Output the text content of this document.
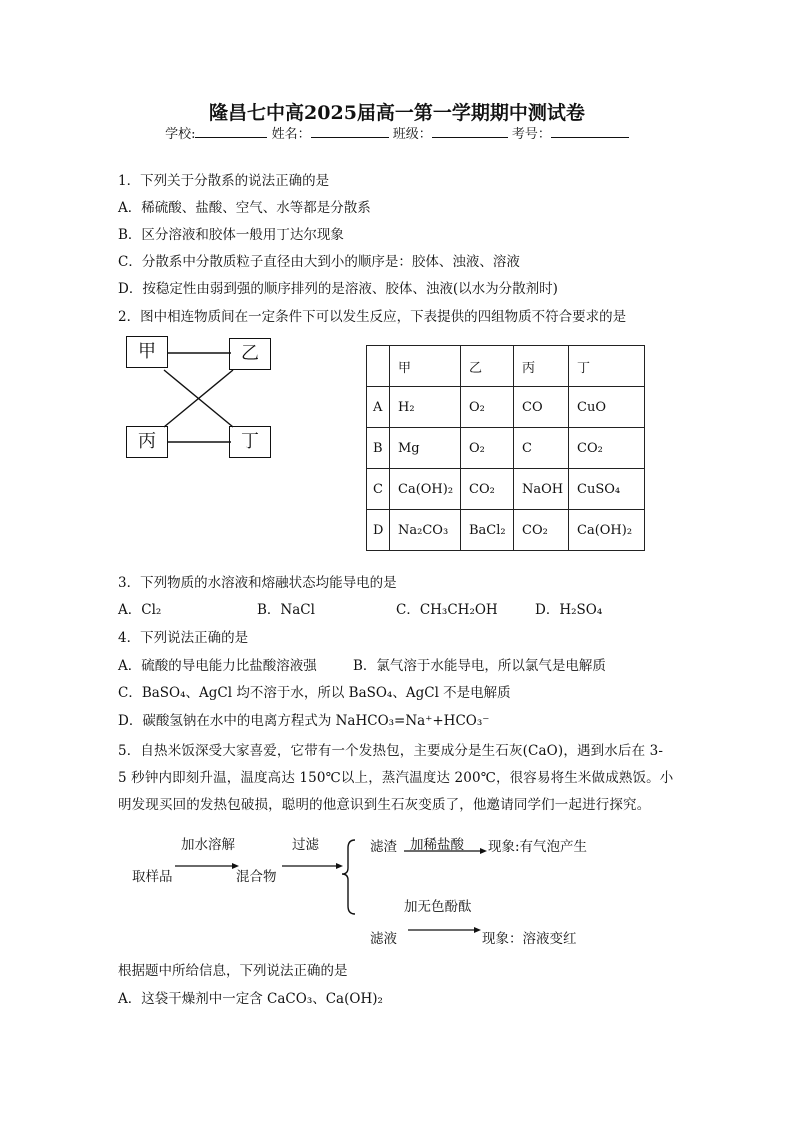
隆昌七中高2025届高一第一学期期中测试卷
学校:	姓名：	班级：	考号：
1．下列关于分散系的说法正确的是
A．稀硫酸、盐酸、空气、水等都是分散系
B．区分溶液和胶体一般用丁达尔现象
C．分散系中分散质粒子直径由大到小的顺序是：胶体、浊液、溶液
D．按稳定性由弱到强的顺序排列的是溶液、胶体、浊液(以水为分散剂时)
2．图中相连物质间在一定条件下可以发生反应，下表提供的四组物质不符合要求的是
甲	乙
丙	丁
	甲	乙	丙	丁
A	H₂	O₂	CO	CuO
B	Mg	O₂	C	CO₂
C	Ca(OH)₂	CO₂	NaOH	CuSO₄
D	Na₂CO₃	BaCl₂	CO₂	Ca(OH)₂
3．下列物质的水溶液和熔融状态均能导电的是
A．Cl₂	B．NaCl	C．CH₃CH₂OH	D．H₂SO₄
4．下列说法正确的是
A．硫酸的导电能力比盐酸溶液强	B．氯气溶于水能导电，所以氯气是电解质
C．BaSO₄、AgCl 均不溶于水，所以 BaSO₄、AgCl 不是电解质
D．碳酸氢钠在水中的电离方程式为 NaHCO₃=Na⁺+HCO₃⁻
5．自热米饭深受大家喜爱，它带有一个发热包，主要成分是生石灰(CaO)，遇到水后在 3-
5 秒钟内即刻升温，温度高达 150℃以上，蒸汽温度达 200℃，很容易将生米做成熟饭。小
明发现买回的发热包破损，聪明的他意识到生石灰变质了，他邀请同学们一起进行探究。
加水溶解	过滤	滤渣 加稀盐酸 现象:有气泡产生
取样品	混合物
加无色酚酞
滤液	现象：溶液变红
根据题中所给信息，下列说法正确的是
A．这袋干燥剂中一定含 CaCO₃、Ca(OH)₂
